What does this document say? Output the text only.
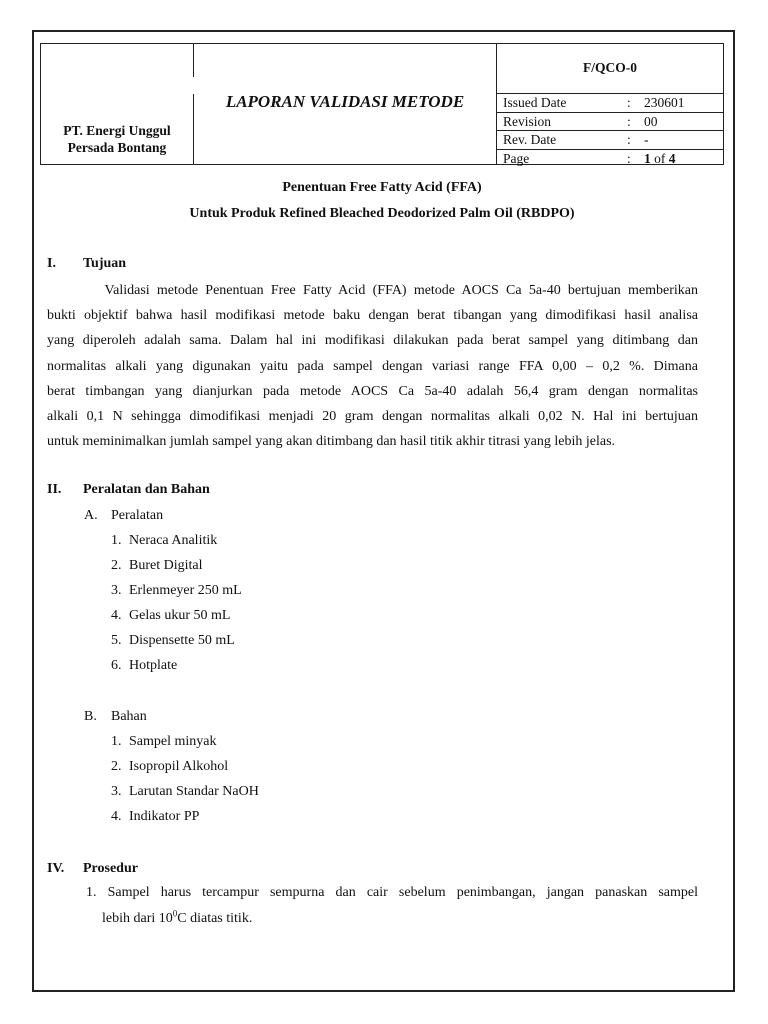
PT. Energi Unggul
Persada Bontang
LAPORAN VALIDASI METODE
F/QCO-0
Issued Date	: 230601
Revision	: 00
Rev. Date	: -
Page	: 1 of 4
Penentuan Free Fatty Acid (FFA)
Untuk Produk Refined Bleached Deodorized Palm Oil (RBDPO)
I. Tujuan
Validasi metode Penentuan Free Fatty Acid (FFA) metode AOCS Ca 5a-40 bertujuan memberikan
bukti objektif bahwa hasil modifikasi metode baku dengan berat tibangan yang dimodifikasi hasil analisa
yang diperoleh adalah sama. Dalam hal ini modifikasi dilakukan pada berat sampel yang ditimbang dan
normalitas alkali yang digunakan yaitu pada sampel dengan variasi range FFA 0,00 – 0,2 %. Dimana
berat timbangan yang dianjurkan pada metode AOCS Ca 5a-40 adalah 56,4 gram dengan normalitas
alkali 0,1 N sehingga dimodifikasi menjadi 20 gram dengan normalitas alkali 0,02 N. Hal ini bertujuan
untuk meminimalkan jumlah sampel yang akan ditimbang dan hasil titik akhir titrasi yang lebih jelas.
II. Peralatan dan Bahan
A. Peralatan
1. Neraca Analitik
2. Buret Digital
3. Erlenmeyer 250 mL
4. Gelas ukur 50 mL
5. Dispensette 50 mL
6. Hotplate
B. Bahan
1. Sampel minyak
2. Isopropil Alkohol
3. Larutan Standar NaOH
4. Indikator PP
IV. Prosedur
1. Sampel harus tercampur sempurna dan cair sebelum penimbangan, jangan panaskan sampel
lebih dari $10^0C$ diatas titik.
